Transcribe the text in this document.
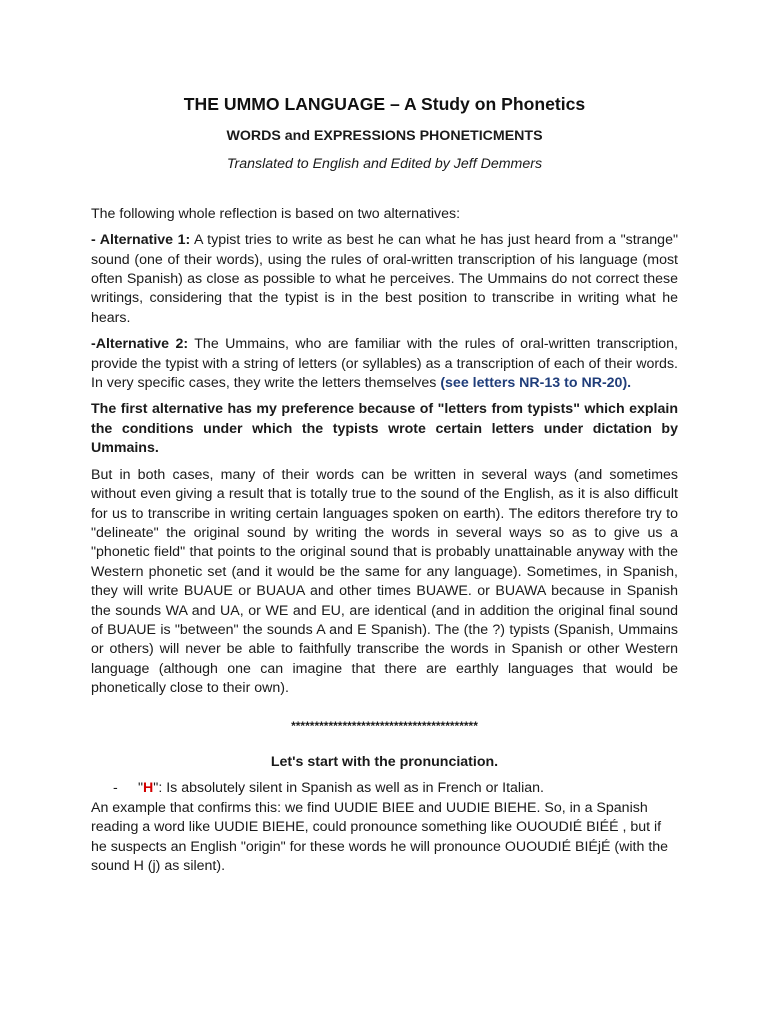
THE UMMO LANGUAGE – A Study on Phonetics
WORDS and EXPRESSIONS PHONETICMENTS
Translated to English and Edited by Jeff Demmers

The following whole reflection is based on two alternatives:

- Alternative 1: A typist tries to write as best he can what he has just heard from a "strange" sound (one of their words), using the rules of oral-written transcription of his language (most often Spanish) as close as possible to what he perceives. The Ummains do not correct these writings, considering that the typist is in the best position to transcribe in writing what he hears.

-Alternative 2: The Ummains, who are familiar with the rules of oral-written transcription, provide the typist with a string of letters (or syllables) as a transcription of each of their words. In very specific cases, they write the letters themselves (see letters NR-13 to NR-20).

The first alternative has my preference because of "letters from typists" which explain the conditions under which the typists wrote certain letters under dictation by Ummains.

But in both cases, many of their words can be written in several ways (and sometimes without even giving a result that is totally true to the sound of the English, as it is also difficult for us to transcribe in writing certain languages spoken on earth). The editors therefore try to "delineate" the original sound by writing the words in several ways so as to give us a "phonetic field" that points to the original sound that is probably unattainable anyway with the Western phonetic set (and it would be the same for any language). Sometimes, in Spanish, they will write BUAUE or BUAUA and other times BUAWE. or BUAWA because in Spanish the sounds WA and UA, or WE and EU, are identical (and in addition the original final sound of BUAUE is "between" the sounds A and E Spanish). The (the ?) typists (Spanish, Ummains or others) will never be able to faithfully transcribe the words in Spanish or other Western language (although one can imagine that there are earthly languages that would be phonetically close to their own).

****************************************
Let's start with the pronunciation.
- "H": Is absolutely silent in Spanish as well as in French or Italian.

An example that confirms this: we find UUDIE BIEE and UUDIE BIEHE. So, in a Spanish reading a word like UUDIE BIEHE, could pronounce something like OUOUDIÉ BIÉÉ , but if he suspects an English "origin" for these words he will pronounce OUOUDIÉ BIÉjÉ (with the sound H (j) as silent).
